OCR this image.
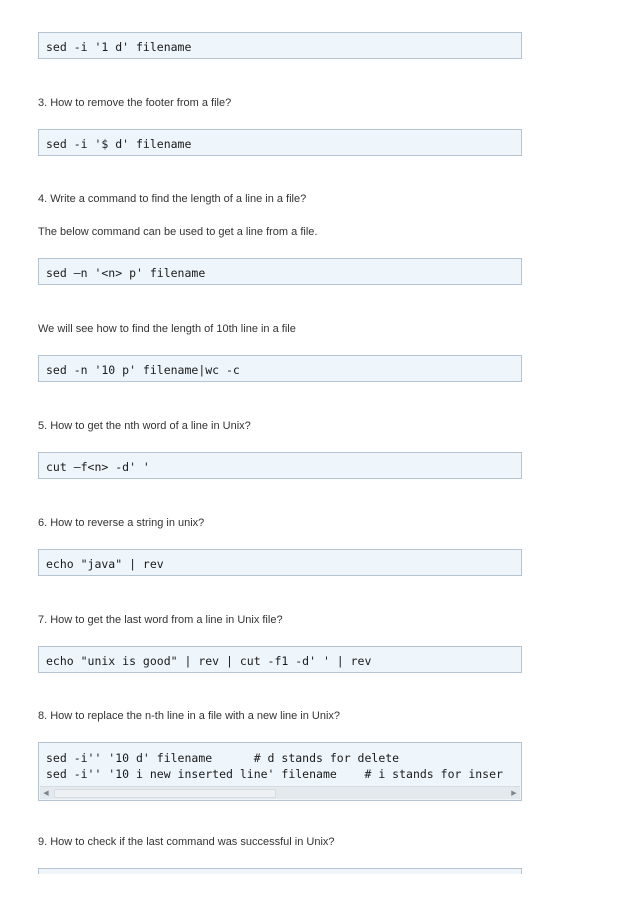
sed -i '1 d' filename
3. How to remove the footer from a file?
sed -i '$ d' filename
4. Write a command to find the length of a line in a file?
The below command can be used to get a line from a file.
sed –n '<n> p' filename
We will see how to find the length of 10th line in a file
sed -n '10 p' filename|wc -c
5. How to get the nth word of a line in Unix?
cut –f<n> -d' '
6. How to reverse a string in unix?
echo "java" | rev
7. How to get the last word from a line in Unix file?
echo "unix is good" | rev | cut -f1 -d' ' | rev
8. How to replace the n-th line in a file with a new line in Unix?
sed -i'' '10 d' filename      # d stands for delete
sed -i'' '10 i new inserted line' filename    # i stands for inser
◀	▶
9. How to check if the last command was successful in Unix?
